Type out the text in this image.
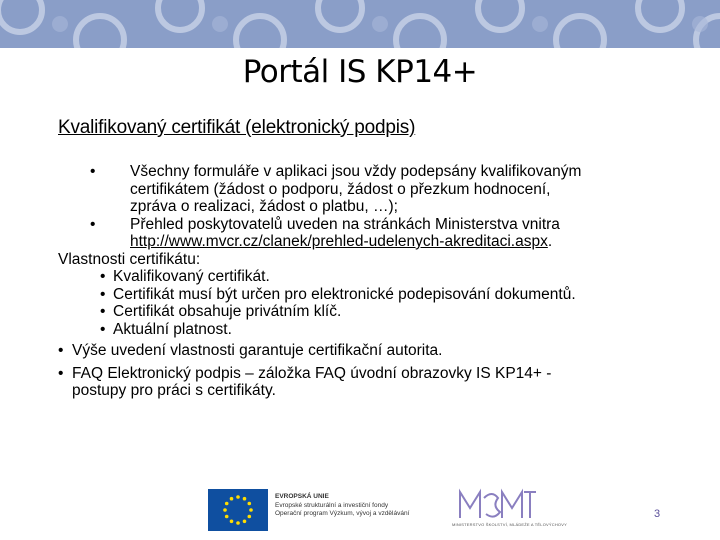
Portál IS KP14+
Kvalifikovaný certifikát (elektronický podpis)
• Všechny formuláře v aplikaci jsou vždy podepsány kvalifikovaným
certifikátem (žádost o podporu, žádost o přezkum hodnocení,
zpráva o realizaci, žádost o platbu, …);
• Přehled poskytovatelů uveden na stránkách Ministerstva vnitra
http://www.mvcr.cz/clanek/prehled-udelenych-akreditaci.aspx.
Vlastnosti certifikátu:
• Kvalifikovaný certifikát.
• Certifikát musí být určen pro elektronické podepisování dokumentů.
• Certifikát obsahuje privátním klíč.
• Aktuální platnost.
• Výše uvedení vlastnosti garantuje certifikační autorita.
• FAQ Elektronický podpis – záložka FAQ úvodní obrazovky IS KP14+ -
postupy pro práci s certifikáty.
EVROPSKÁ UNIE
Evropské strukturální a investiční fondy
Operační program Výzkum, vývoj a vzdělávání
MINISTERSTVO ŠKOLSTVÍ, MLÁDEŽE A TĚLOVÝCHOVY
3
